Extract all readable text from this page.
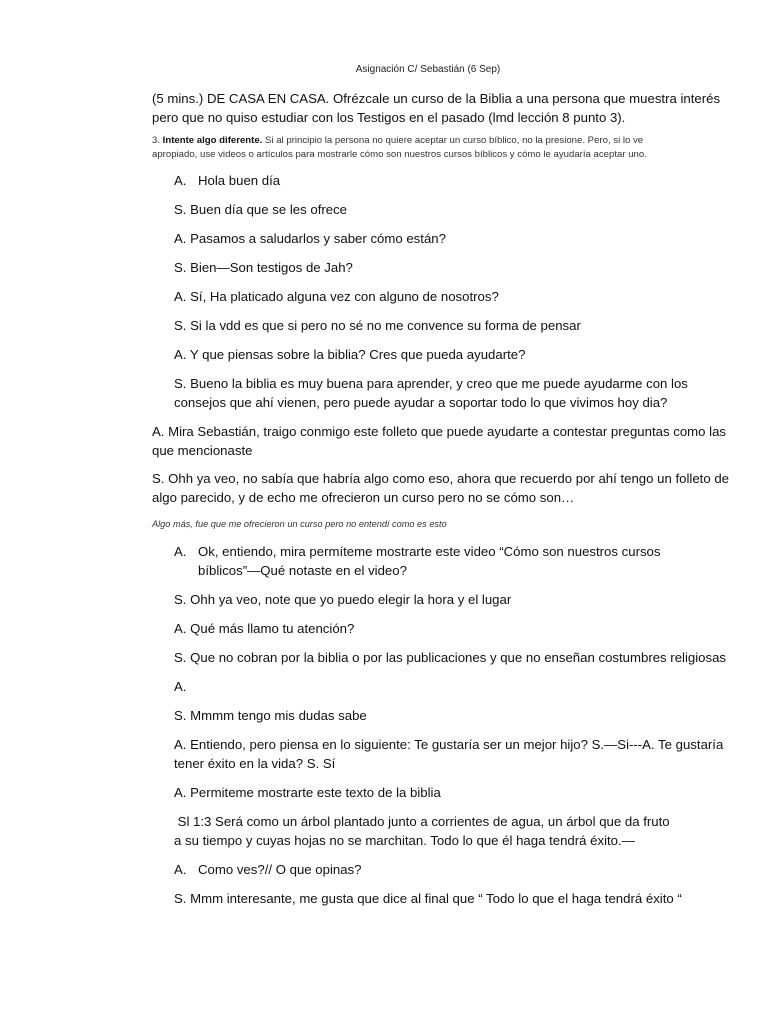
Asignación C/ Sebastián (6 Sep)
(5 mins.) DE CASA EN CASA. Ofrézcale un curso de la Biblia a una persona que muestra interés
pero que no quiso estudiar con los Testigos en el pasado (lmd lección 8 punto 3).
3. Intente algo diferente. Si al principio la persona no quiere aceptar un curso bíblico, no la presione. Pero, si lo ve
apropiado, use videos o artículos para mostrarle cómo son nuestros cursos bíblicos y cómo le ayudaría aceptar uno.
A. Hola buen día
S. Buen día que se les ofrece
A. Pasamos a saludarlos y saber cómo están?
S. Bien—Son testigos de Jah?
A. Sí, Ha platicado alguna vez con alguno de nosotros?
S. Si la vdd es que si pero no sé no me convence su forma de pensar
A. Y que piensas sobre la biblia? Cres que pueda ayudarte?
S. Bueno la biblia es muy buena para aprender, y creo que me puede ayudarme con los
consejos que ahí vienen, pero puede ayudar a soportar todo lo que vivimos hoy dia?
A. Mira Sebastián, traigo conmigo este folleto que puede ayudarte a contestar preguntas como las
que mencionaste
S. Ohh ya veo, no sabía que habría algo como eso, ahora que recuerdo por ahí tengo un folleto de
algo parecido, y de echo me ofrecieron un curso pero no se cómo son…
Algo más, fue que me ofrecieron un curso pero no entendí como es esto
A. Ok, entiendo, mira permíteme mostrarte este video “Cómo son nuestros cursos
bíblicos”—Qué notaste en el video?
S. Ohh ya veo, note que yo puedo elegir la hora y el lugar
A. Qué más llamo tu atención?
S. Que no cobran por la biblia o por las publicaciones y que no enseñan costumbres religiosas
A.
S. Mmmm tengo mis dudas sabe
A. Entiendo, pero piensa en lo siguiente: Te gustaría ser un mejor hijo? S.—Si---A. Te gustaría
tener éxito en la vida? S. Sí
A. Permiteme mostrarte este texto de la biblia
Sl 1:3 Será como un árbol plantado junto a corrientes de agua, un árbol que da fruto
a su tiempo y cuyas hojas no se marchitan. Todo lo que él haga tendrá éxito.—
A. Como ves?// O que opinas?
S. Mmm interesante, me gusta que dice al final que “ Todo lo que el haga tendrá éxito “
